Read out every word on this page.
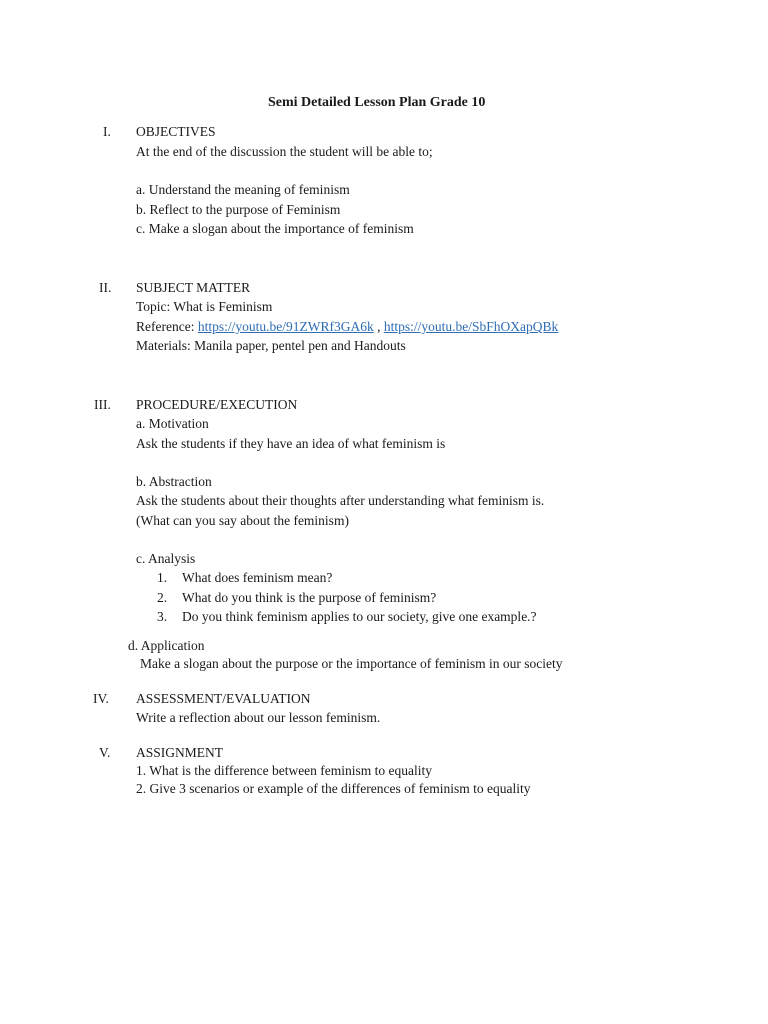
Semi Detailed Lesson Plan Grade 10
I. OBJECTIVES
At the end of the discussion the student will be able to;
a. Understand the meaning of feminism
b. Reflect to the purpose of Feminism
c. Make a slogan about the importance of feminism
II. SUBJECT MATTER
Topic: What is Feminism
Reference: https://youtu.be/91ZWRf3GA6k , https://youtu.be/SbFhOXapQBk
Materials: Manila paper, pentel pen and Handouts
III. PROCEDURE/EXECUTION
a. Motivation
Ask the students if they have an idea of what feminism is
b. Abstraction
Ask the students about their thoughts after understanding what feminism is.
(What can you say about the feminism)
c. Analysis
1. What does feminism mean?
2. What do you think is the purpose of feminism?
3. Do you think feminism applies to our society, give one example.?
d. Application
Make a slogan about the purpose or the importance of feminism in our society
IV. ASSESSMENT/EVALUATION
Write a reflection about our lesson feminism.
V. ASSIGNMENT
1. What is the difference between feminism to equality
2. Give 3 scenarios or example of the differences of feminism to equality
